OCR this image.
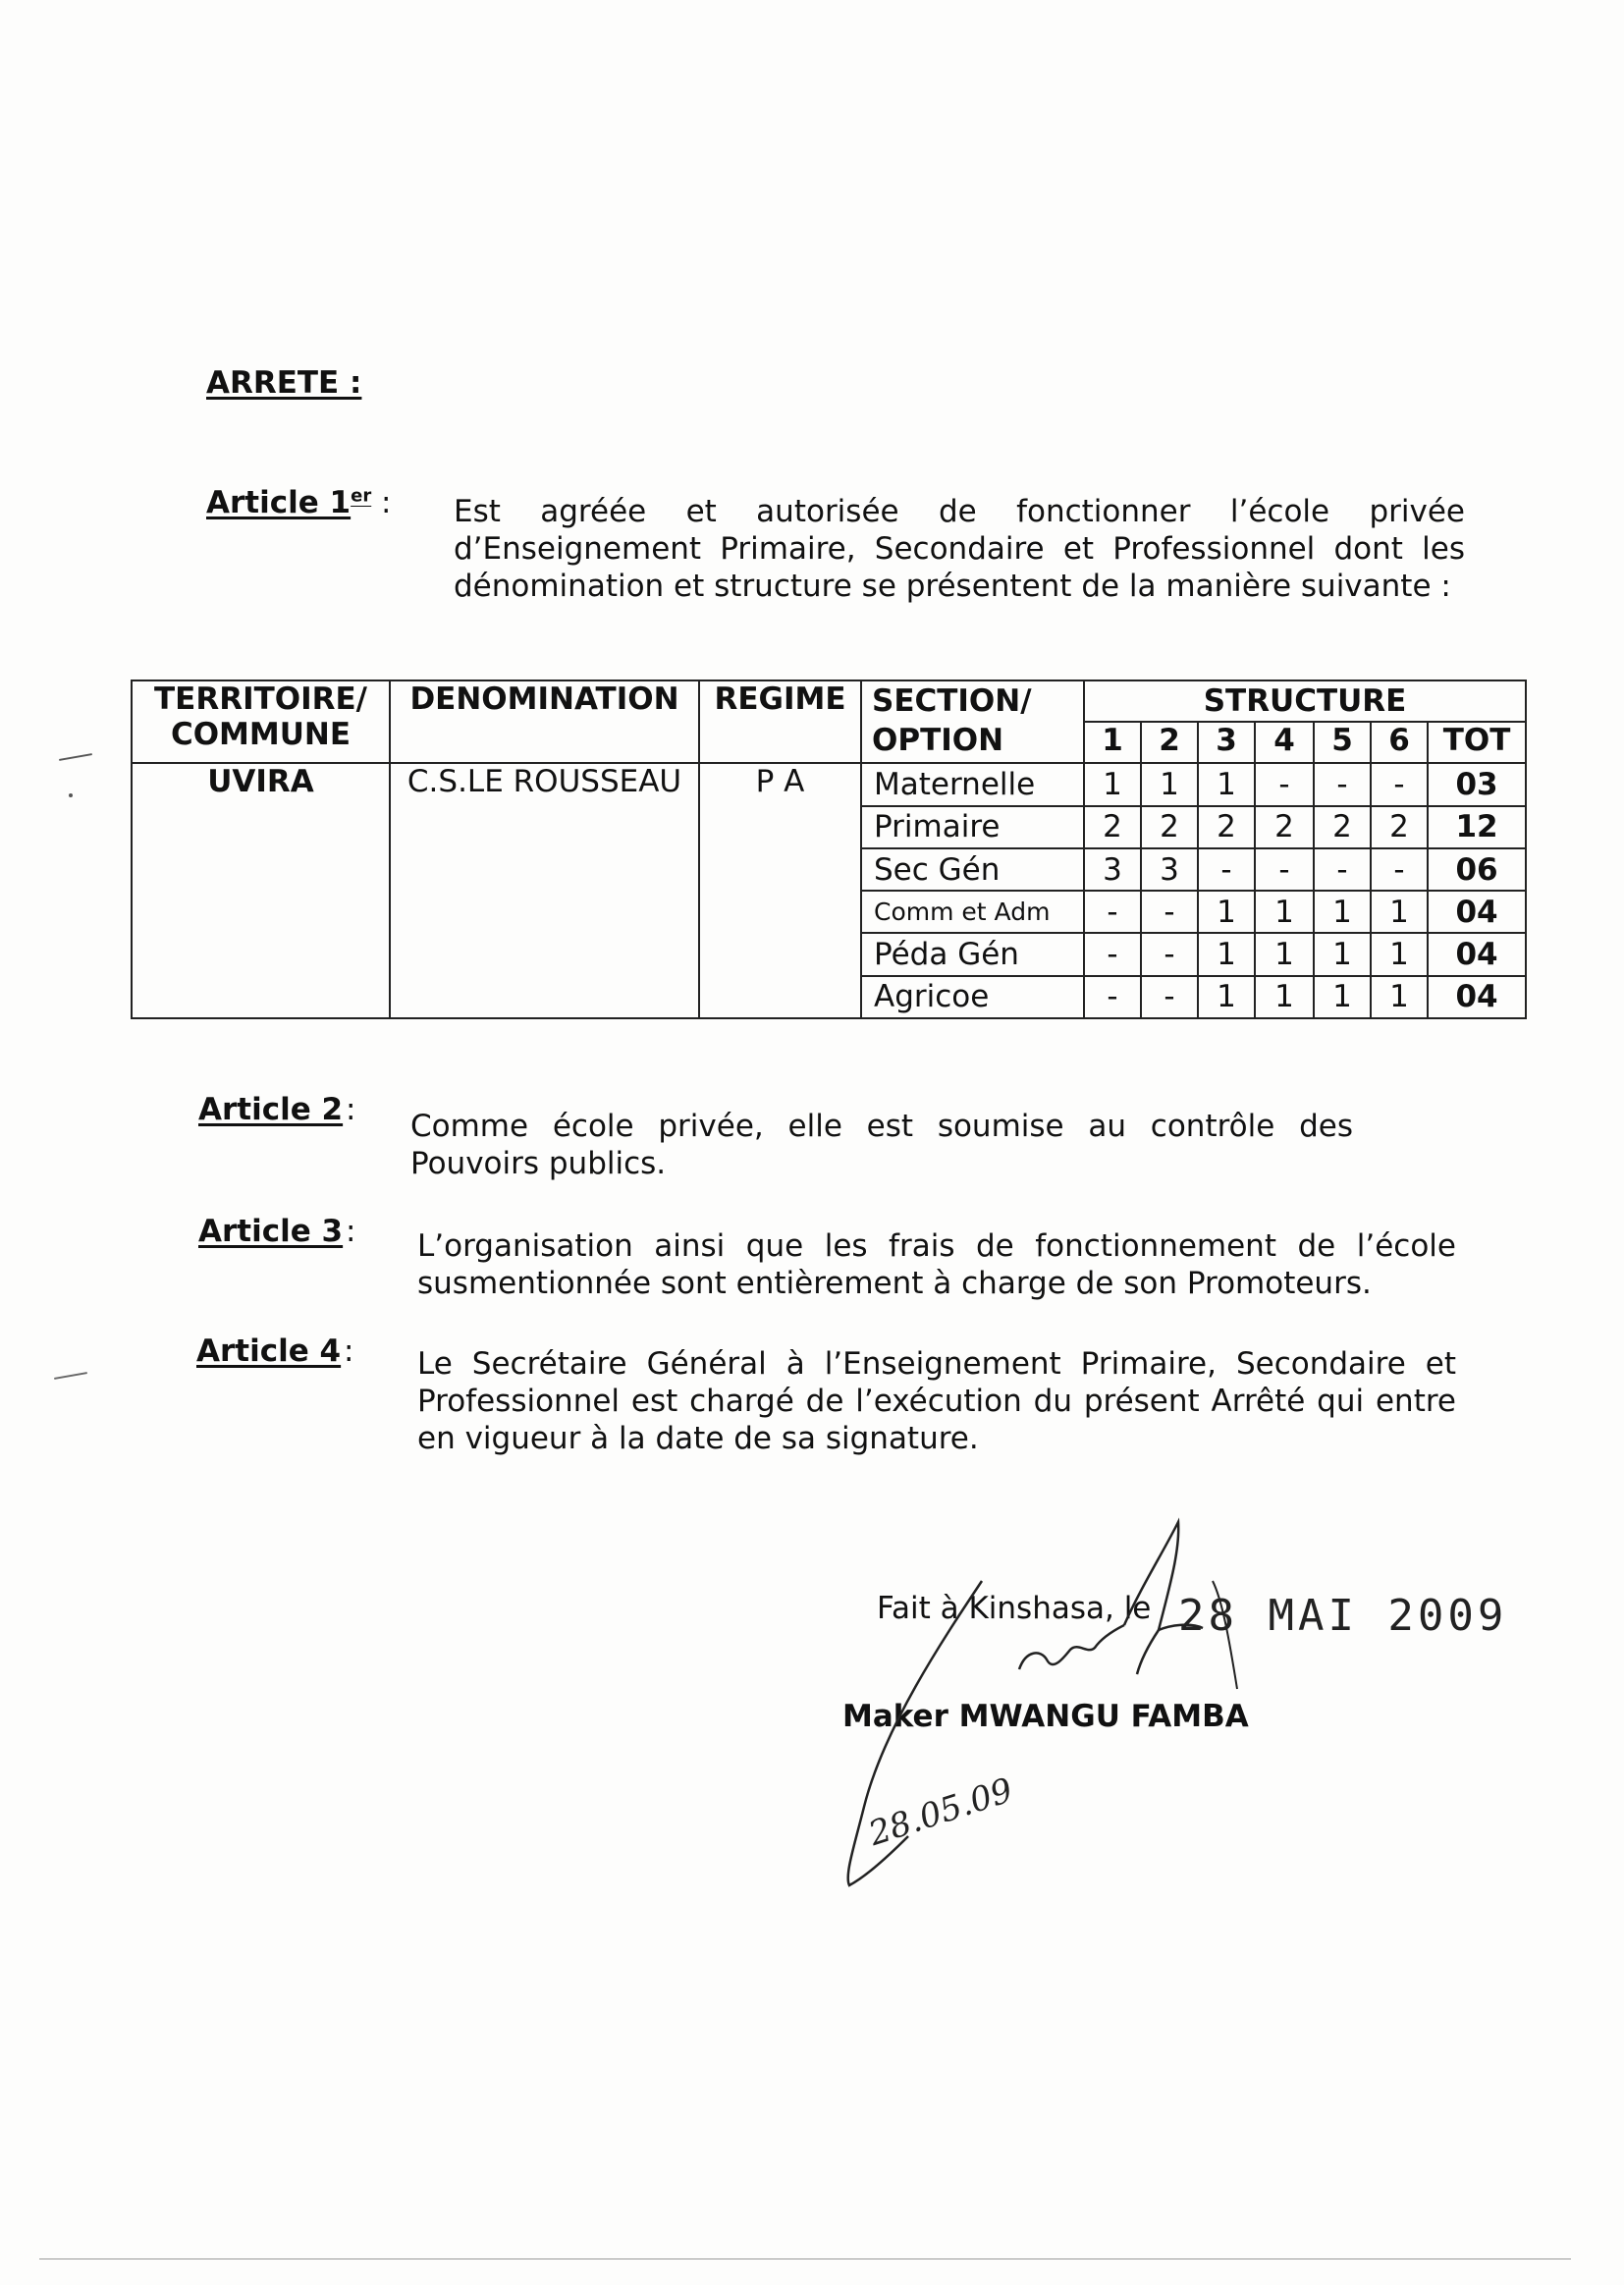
ARRETE :
Article 1er : Est agréée et autorisée de fonctionner l’école privée d’Enseignement Primaire, Secondaire et Professionnel dont les dénomination et structure se présentent de la manière suivante :
TERRITOIRE/ COMMUNE	DENOMINATION	REGIME	SECTION/ OPTION	STRUCTURE						
				1	2	3	4	5	6	TOT
UVIRA	C.S.LE ROUSSEAU	P A	Maternelle	1	1	1	-	-	-	03
			Primaire	2	2	2	2	2	2	12
			Sec Gén	3	3	-	-	-	-	06
			Comm et Adm	-	-	1	1	1	1	04
			Péda Gén	-	-	1	1	1	1	04
			Agricoe	-	-	1	1	1	1	04
Article 2 : Comme école privée, elle est soumise au contrôle des Pouvoirs publics.
Article 3 : L’organisation ainsi que les frais de fonctionnement de l’école susmentionnée sont entièrement à charge de son Promoteurs.
Article 4 : Le Secrétaire Général à l’Enseignement Primaire, Secondaire et Professionnel est chargé de l’exécution du présent Arrêté qui entre en vigueur à la date de sa signature.
Fait à Kinshasa, le 28 MAI 2009
Maker MWANGU FAMBA
28.05.09
